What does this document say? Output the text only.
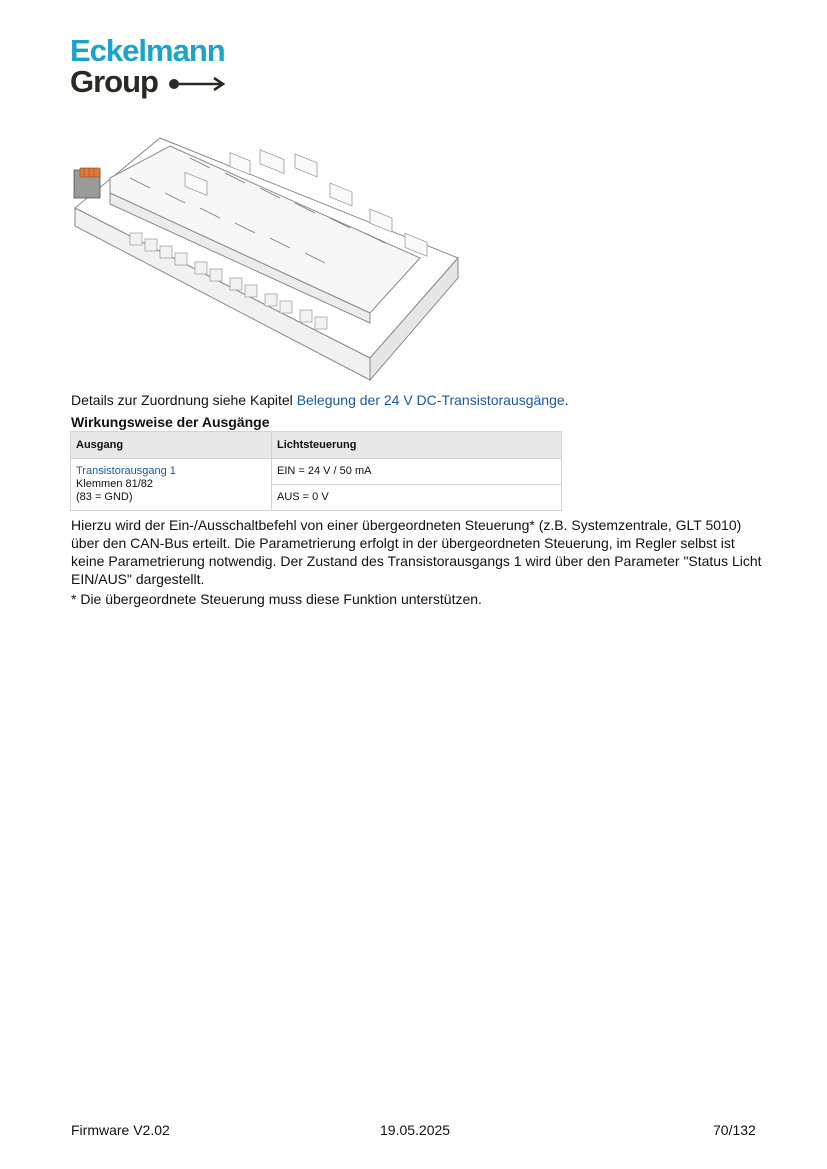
Eckelmann
Group
Details zur Zuordnung siehe Kapitel Belegung der 24 V DC-Transistorausgänge.
Wirkungsweise der Ausgänge
Ausgang	Lichtsteuerung

Transistorausgang 1
Klemmen 81/82
(83 = GND)	EIN = 24 V / 50 mA
	AUS = 0 V
Hierzu wird der Ein-/Ausschaltbefehl von einer übergeordneten Steuerung* (z.B. Systemzentrale, GLT 5010) über den CAN-Bus erteilt. Die Parametrierung erfolgt in der übergeordneten Steuerung, im Regler selbst ist keine Parametrierung notwendig. Der Zustand des Transistorausgangs 1 wird über den Parameter "Status Licht EIN/AUS" dargestellt.
* Die übergeordnete Steuerung muss diese Funktion unterstützen.
Firmware V2.02	19.05.2025	70/132
